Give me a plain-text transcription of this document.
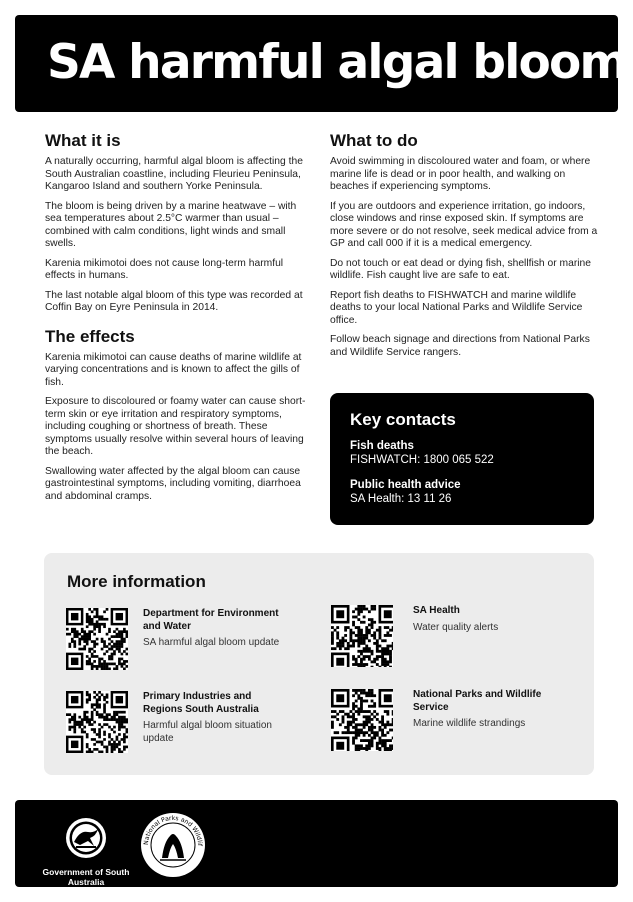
SA harmful algal bloom
What it is

A naturally occurring, harmful algal bloom is affecting the South Australian coastline, including Fleurieu Peninsula, Kangaroo Island and southern Yorke Peninsula.

The bloom is being driven by a marine heatwave – with sea temperatures about 2.5°C warmer than usual – combined with calm conditions, light winds and small swells.

Karenia mikimotoi does not cause long-term harmful effects in humans.

The last notable algal bloom of this type was recorded at Coffin Bay on Eyre Peninsula in 2014.

The effects

Karenia mikimotoi can cause deaths of marine wildlife at varying concentrations and is known to affect the gills of fish.

Exposure to discoloured or foamy water can cause short-term skin or eye irritation and respiratory symptoms, including coughing or shortness of breath. These symptoms usually resolve within several hours of leaving the beach.

Swallowing water affected by the algal bloom can cause gastrointestinal symptoms, including vomiting, diarrhoea and abdominal cramps.

What to do

Avoid swimming in discoloured water and foam, or where marine life is dead or in poor health, and walking on beaches if experiencing symptoms.

If you are outdoors and experience irritation, go indoors, close windows and rinse exposed skin. If symptoms are more severe or do not resolve, seek medical advice from a GP and call 000 if it is a medical emergency.

Do not touch or eat dead or dying fish, shellfish or marine wildlife. Fish caught live are safe to eat.

Report fish deaths to FISHWATCH and marine wildlife deaths to your local National Parks and Wildlife Service office.

Follow beach signage and directions from National Parks and Wildlife Service rangers.

Key contacts
Fish deaths
FISHWATCH: 1800 065 522
Public health advice
SA Health: 13 11 26
More information
Department for Environment and Water
SA harmful algal bloom update
SA Health
Water quality alerts
Primary Industries and Regions South Australia
Harmful algal bloom situation update
National Parks and Wildlife Service
Marine wildlife strandings
Government of South Australia
National Parks and Wildlif
